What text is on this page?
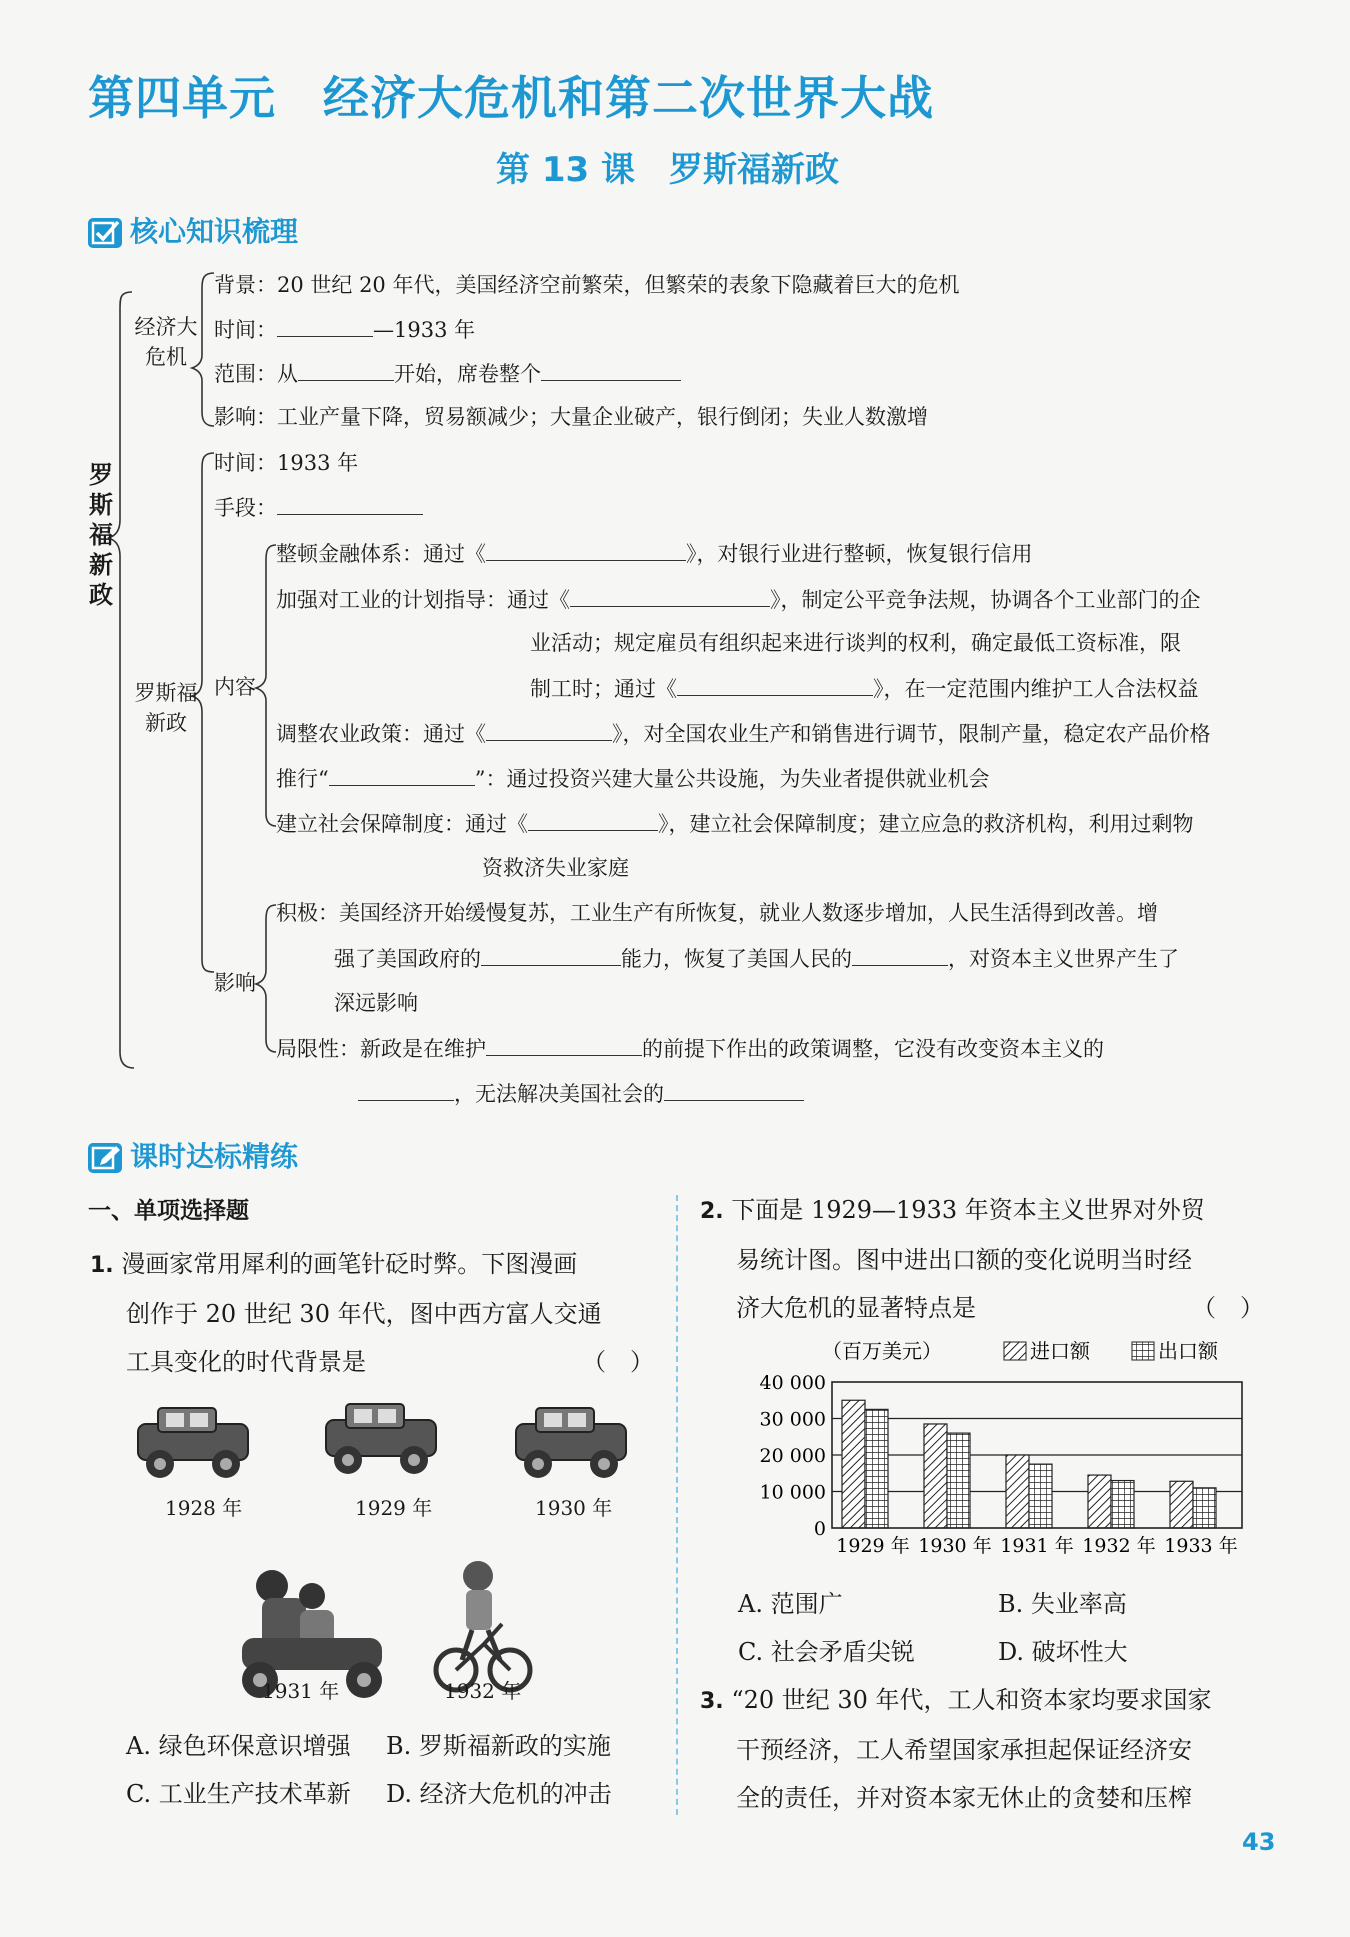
第四单元　经济大危机和第二次世界大战
第 13 课　罗斯福新政
核心知识梳理
罗斯福新政
经济大危机
背景：20 世纪 20 年代，美国经济空前繁荣，但繁荣的表象下隐藏着巨大的危机
时间：	—1933 年
范围：从	开始，席卷整个
影响：工业产量下降，贸易额减少；大量企业破产，银行倒闭；失业人数激增
罗斯福新政
时间：1933 年
手段：
内容
整顿金融体系：通过《	》，对银行业进行整顿，恢复银行信用
加强对工业的计划指导：通过《	》，制定公平竞争法规，协调各个工业部门的企
业活动；规定雇员有组织起来进行谈判的权利，确定最低工资标准，限
制工时；通过《	》，在一定范围内维护工人合法权益
调整农业政策：通过《	》，对全国农业生产和销售进行调节，限制产量，稳定农产品价格
推行“	”：通过投资兴建大量公共设施，为失业者提供就业机会
建立社会保障制度：通过《	》，建立社会保障制度；建立应急的救济机构，利用过剩物
资救济失业家庭
影响
积极：美国经济开始缓慢复苏，工业生产有所恢复，就业人数逐步增加，人民生活得到改善。增
强了美国政府的	能力，恢复了美国人民的	，对资本主义世界产生了
深远影响
局限性：新政是在维护	的前提下作出的政策调整，它没有改变资本主义的
，无法解决美国社会的
课时达标精练
一、单项选择题
1. 漫画家常用犀利的画笔针砭时弊。下图漫画
创作于 20 世纪 30 年代，图中西方富人交通
工具变化的时代背景是	（　）
1928 年	1929 年	1930 年
1931 年	1932 年
A. 绿色环保意识增强 B. 罗斯福新政的实施
C. 工业生产技术革新 D. 经济大危机的冲击
2. 下面是 1929—1933 年资本主义世界对外贸
易统计图。图中进出口额的变化说明当时经
济大危机的显著特点是	（　）
（百万美元）	进口额	出口额
0
10 000
20 000
30 000
40 000
1929 年 1930 年 1931 年 1932 年 1933 年
A. 范围广	B. 失业率高
C. 社会矛盾尖锐	D. 破坏性大
3. “20 世纪 30 年代，工人和资本家均要求国家
干预经济，工人希望国家承担起保证经济安
全的责任，并对资本家无休止的贪婪和压榨
43
